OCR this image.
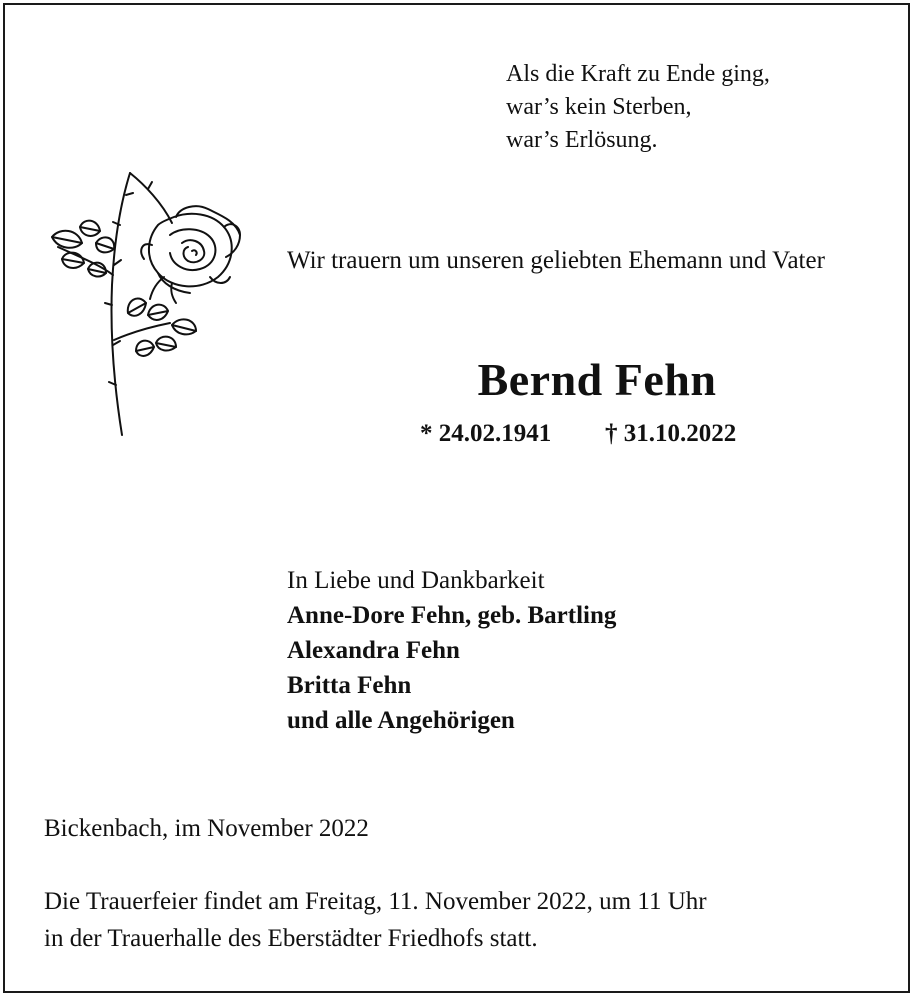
Als die Kraft zu Ende ging,
war’s kein Sterben,
war’s Erlösung.
Wir trauern um unseren geliebten Ehemann und Vater
Bernd Fehn
* 24.02.1941 † 31.10.2022
In Liebe und Dankbarkeit
Anne-Dore Fehn, geb. Bartling
Alexandra Fehn
Britta Fehn
und alle Angehörigen
Bickenbach, im November 2022
Die Trauerfeier findet am Freitag, 11. November 2022, um 11 Uhr
in der Trauerhalle des Eberstädter Friedhofs statt.
